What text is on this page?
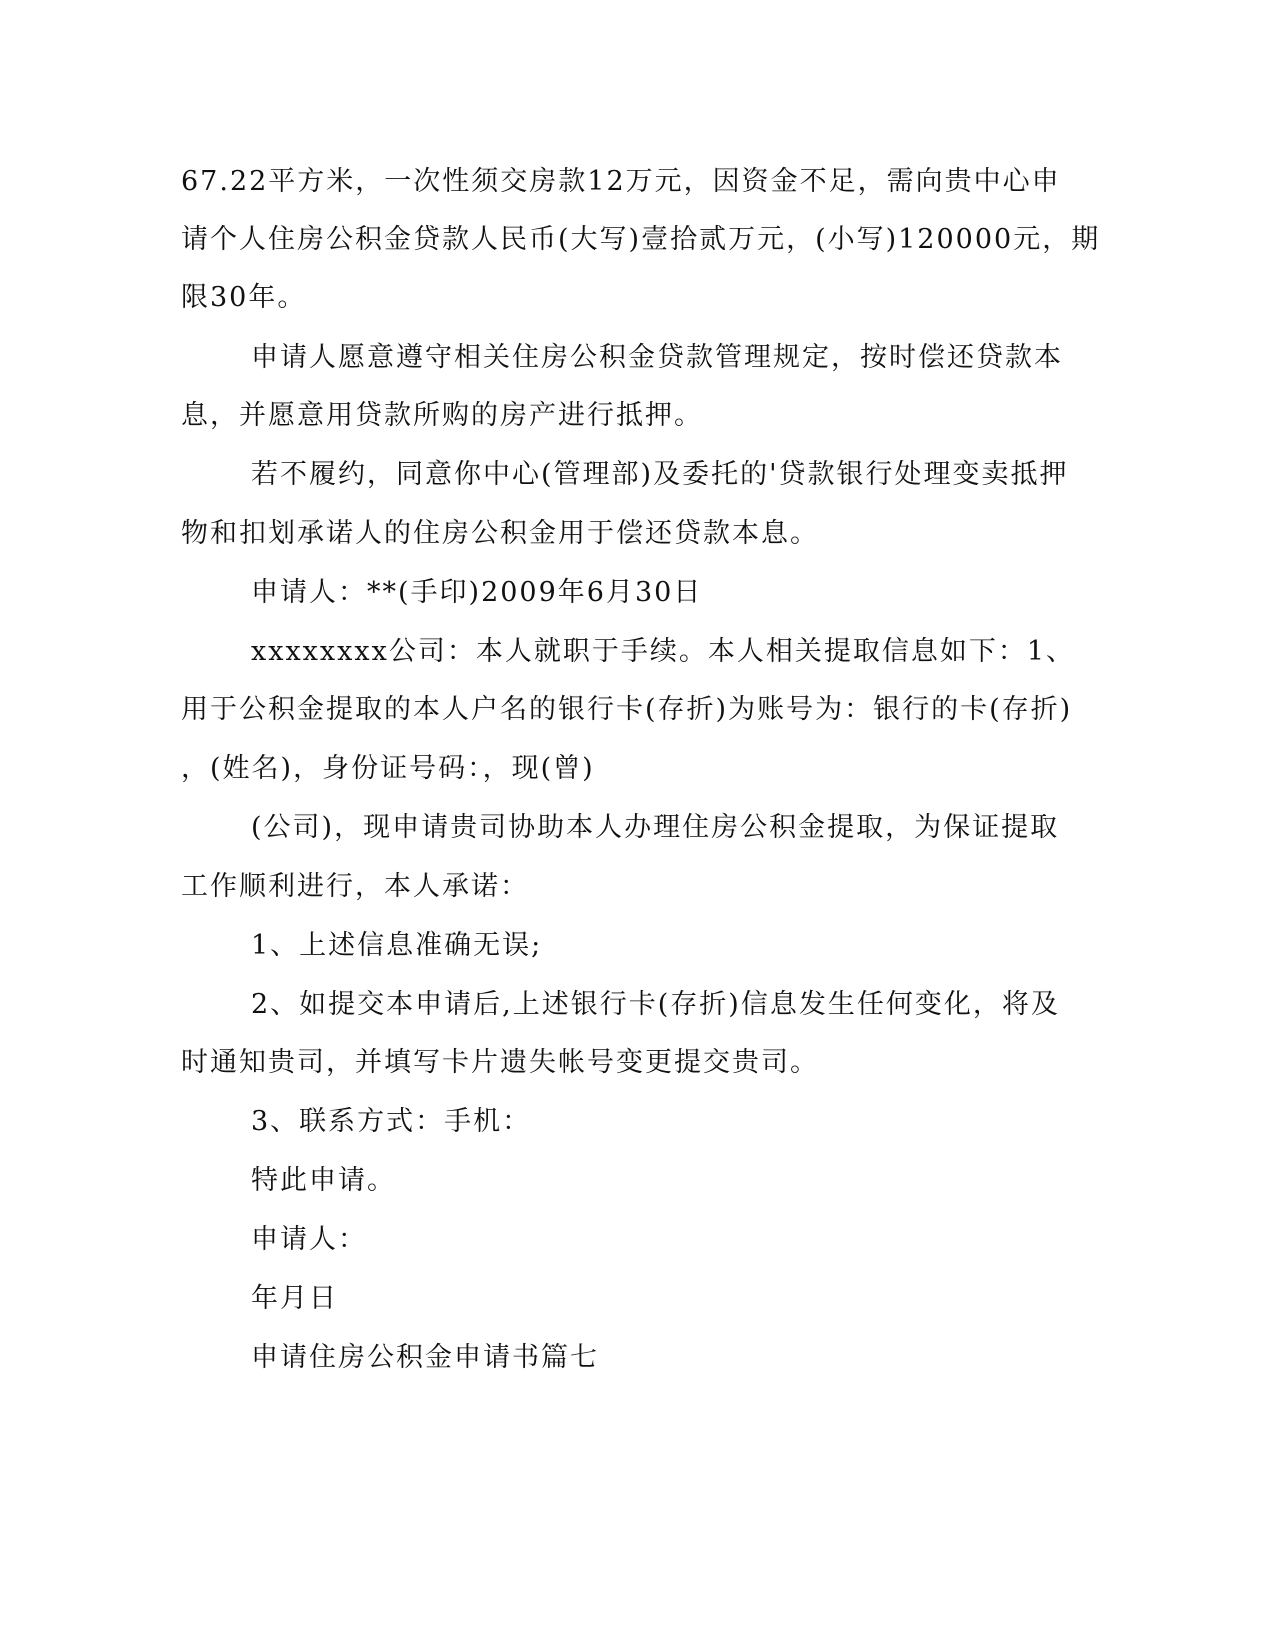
67.22平方米，一次性须交房款12万元，因资金不足，需向贵中心申
请个人住房公积金贷款人民币(大写)壹拾贰万元，(小写)120000元，期
限30年。
申请人愿意遵守相关住房公积金贷款管理规定，按时偿还贷款本
息，并愿意用贷款所购的房产进行抵押。
若不履约，同意你中心(管理部)及委托的'贷款银行处理变卖抵押
物和扣划承诺人的住房公积金用于偿还贷款本息。
申请人：**(手印)2009年6月30日
xxxxxxxx公司：本人就职于手续。本人相关提取信息如下：1、
用于公积金提取的本人户名的银行卡(存折)为账号为：银行的卡(存折)
，(姓名)，身份证号码：，现(曾)
(公司)，现申请贵司协助本人办理住房公积金提取，为保证提取
工作顺利进行，本人承诺：
1、上述信息准确无误;
2、如提交本申请后,上述银行卡(存折)信息发生任何变化，将及
时通知贵司，并填写卡片遗失帐号变更提交贵司。
3、联系方式：手机：
特此申请。
申请人：
年月日
申请住房公积金申请书篇七
